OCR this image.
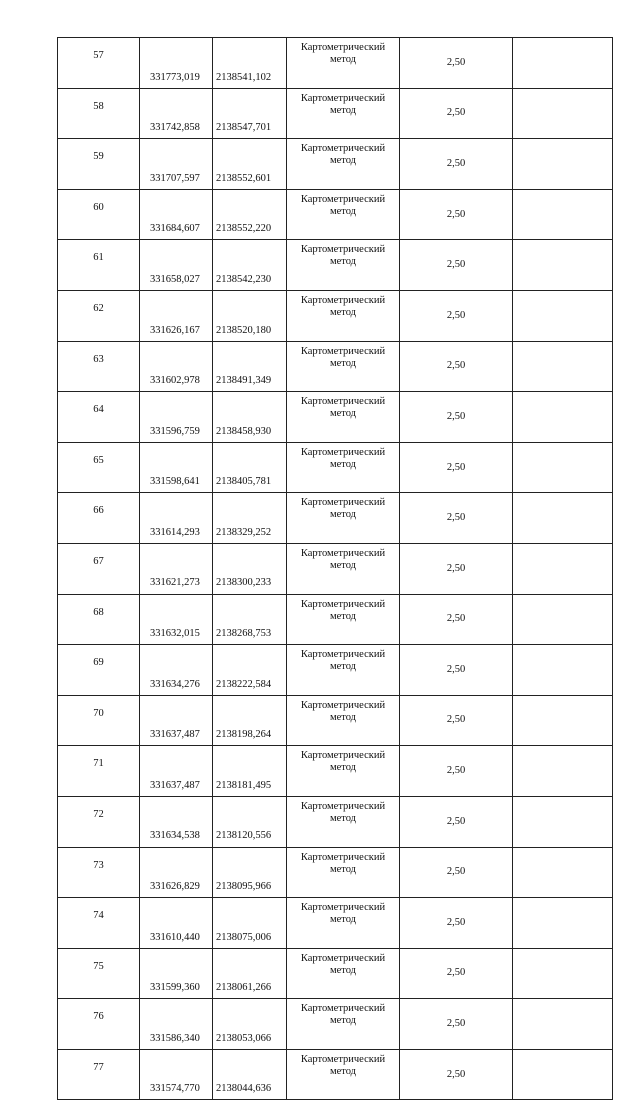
57	331773,019	2138541,102	Картометрический
метод	2,50	
58	331742,858	2138547,701	Картометрический
метод	2,50	
59	331707,597	2138552,601	Картометрический
метод	2,50	
60	331684,607	2138552,220	Картометрический
метод	2,50	
61	331658,027	2138542,230	Картометрический
метод	2,50	
62	331626,167	2138520,180	Картометрический
метод	2,50	
63	331602,978	2138491,349	Картометрический
метод	2,50	
64	331596,759	2138458,930	Картометрический
метод	2,50	
65	331598,641	2138405,781	Картометрический
метод	2,50	
66	331614,293	2138329,252	Картометрический
метод	2,50	
67	331621,273	2138300,233	Картометрический
метод	2,50	
68	331632,015	2138268,753	Картометрический
метод	2,50	
69	331634,276	2138222,584	Картометрический
метод	2,50	
70	331637,487	2138198,264	Картометрический
метод	2,50	
71	331637,487	2138181,495	Картометрический
метод	2,50	
72	331634,538	2138120,556	Картометрический
метод	2,50	
73	331626,829	2138095,966	Картометрический
метод	2,50	
74	331610,440	2138075,006	Картометрический
метод	2,50	
75	331599,360	2138061,266	Картометрический
метод	2,50	
76	331586,340	2138053,066	Картометрический
метод	2,50	
77	331574,770	2138044,636	Картометрический
метод	2,50	
